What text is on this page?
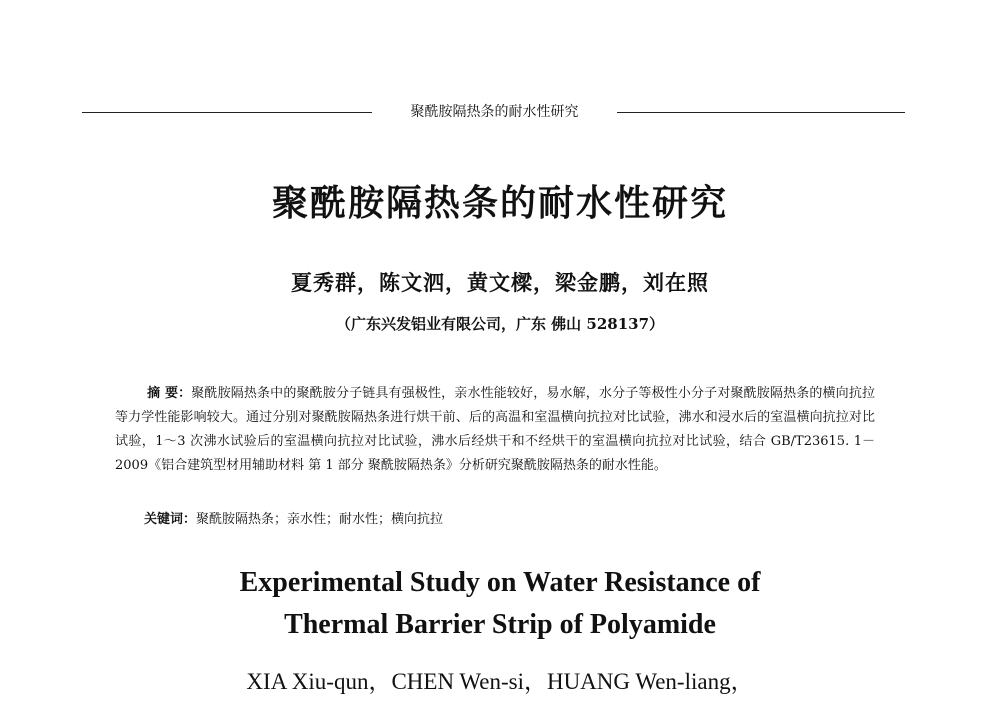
聚酰胺隔热条的耐水性研究
聚酰胺隔热条的耐水性研究
夏秀群，陈文泗，黄文樑，梁金鹏，刘在照
（广东兴发铝业有限公司，广东 佛山 528137）
摘 要：聚酰胺隔热条中的聚酰胺分子链具有强极性，亲水性能较好，易水解，水分子等极性小分子对聚酰胺隔热条的横向抗拉等力学性能影响较大。通过分别对聚酰胺隔热条进行烘干前、后的高温和室温横向抗拉对比试验，沸水和浸水后的室温横向抗拉对比试验，1～3 次沸水试验后的室温横向抗拉对比试验，沸水后经烘干和不经烘干的室温横向抗拉对比试验，结合 GB/T23615. 1－2009《铝合建筑型材用辅助材料 第 1 部分 聚酰胺隔热条》分析研究聚酰胺隔热条的耐水性能。
关键词：聚酰胺隔热条；亲水性；耐水性；横向抗拉
Experimental Study on Water Resistance of
Thermal Barrier Strip of Polyamide
XIA Xiu-qun，CHEN Wen-si，HUANG Wen-liang，
